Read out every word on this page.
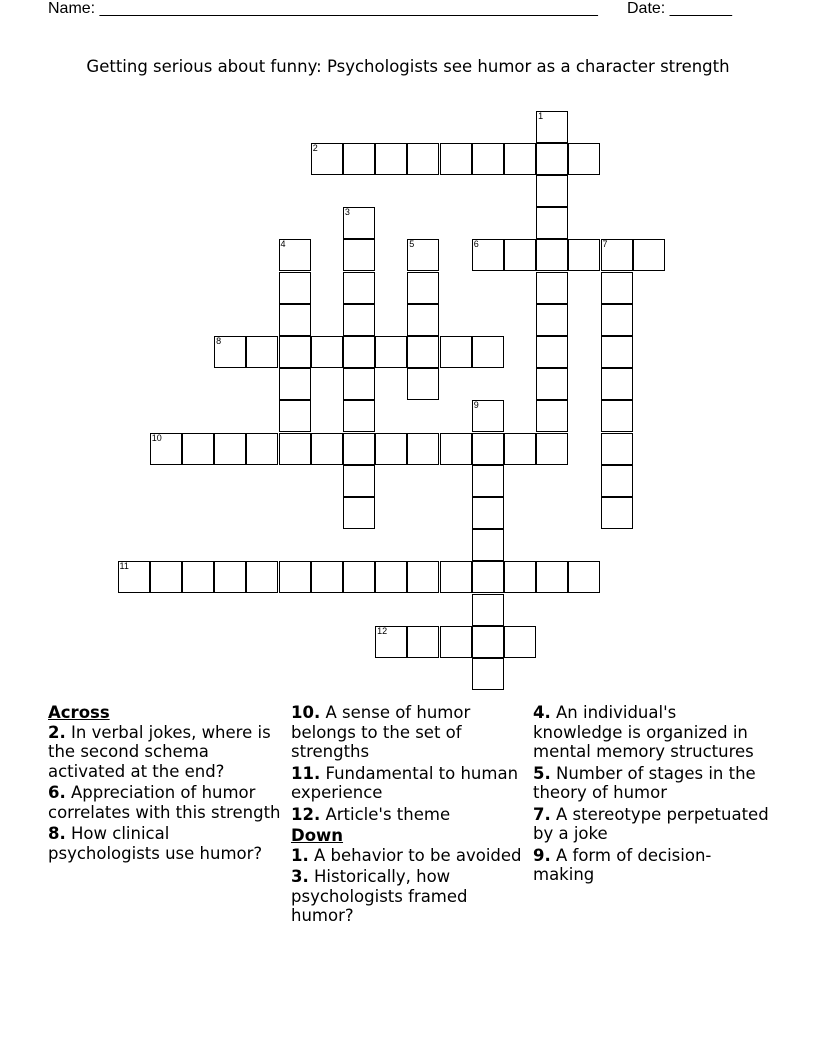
Name: ________________________________________________________ Date: _______
Getting serious about funny: Psychologists see humor as a character strength
1
2
3
4	5	6	7
8
9
10
11
12
Across
2. In verbal jokes, where is the second schema activated at the end?
6. Appreciation of humor correlates with this strength
8. How clinical psychologists use humor?
10. A sense of humor belongs to the set of strengths
11. Fundamental to human experience
12. Article's theme
Down
1. A behavior to be avoided
3. Historically, how psychologists framed humor?
4. An individual's knowledge is organized in mental memory structures
5. Number of stages in the theory of humor
7. A stereotype perpetuated by a joke
9. A form of decision-making
